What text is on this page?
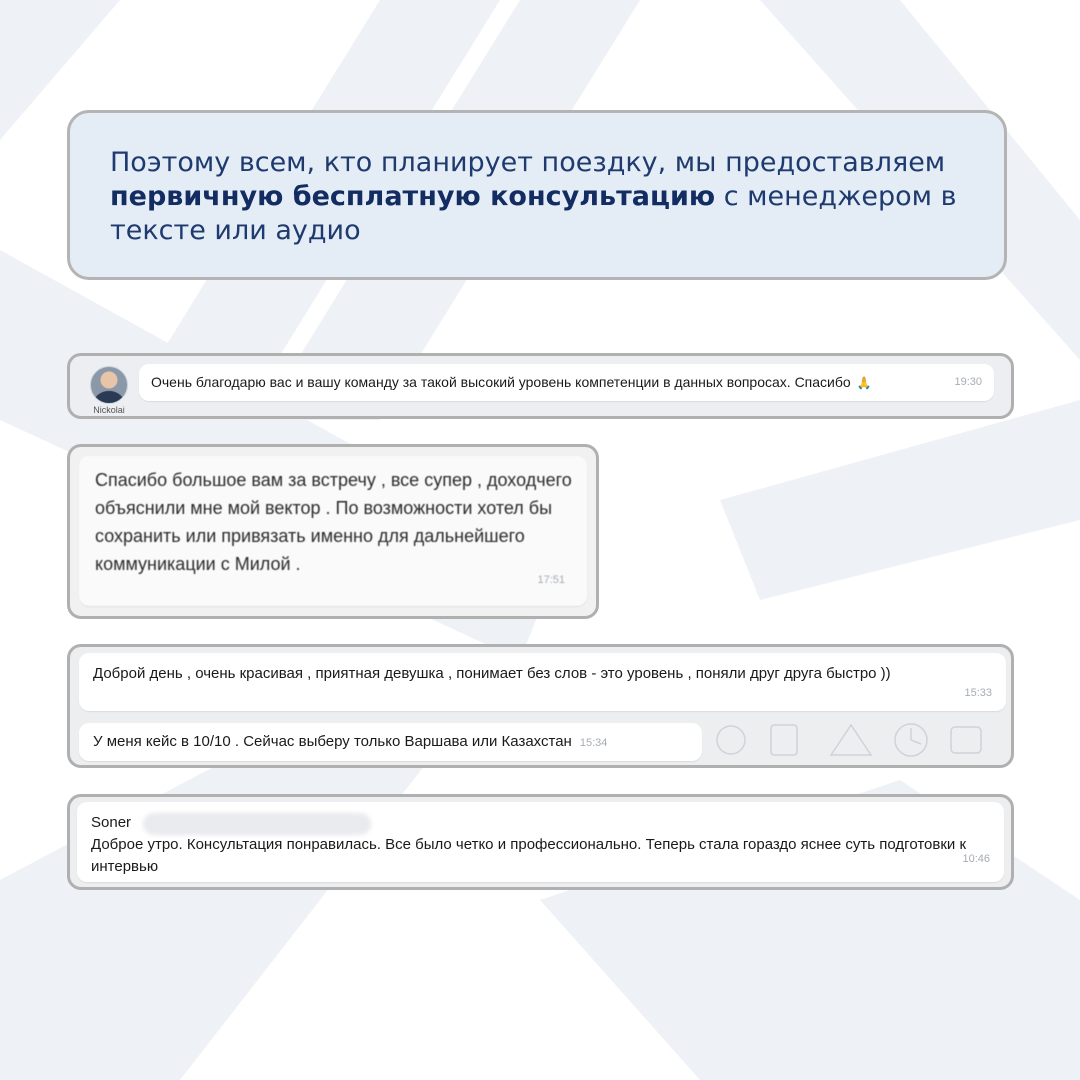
Поэтому всем, кто планирует поездку, мы предоставляем первичную бесплатную консультацию с менеджером в тексте или аудио

Nickolai
Очень благодарю вас и вашу команду за такой высокий уровень компетенции в данных вопросах. Спасибо 🙏	19:30
Спасибо большое вам за встречу , все супер , доходчего объяснили мне мой вектор . По возможности хотел бы сохранить или привязать именно для дальнейшего коммуникации с Милой .
17:51
Доброй день , очень красивая , приятная девушка , понимает без слов - это уровень , поняли друг друга быстро ))
15:33
У меня кейс в 10/10 . Сейчас выберу только Варшава или Казахстан 15:34
Soner
Доброе утро. Консультация понравилась. Все было четко и профессионально. Теперь стала гораздо яснее суть подготовки к интервью	10:46
